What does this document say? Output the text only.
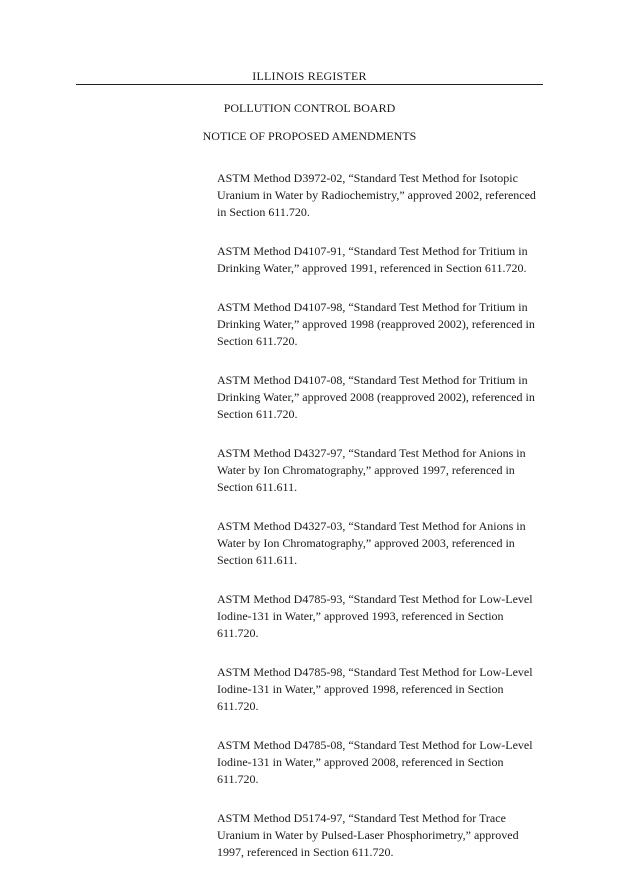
ILLINOIS REGISTER
POLLUTION CONTROL BOARD
NOTICE OF PROPOSED AMENDMENTS
ASTM Method D3972-02, “Standard Test Method for Isotopic Uranium in Water by Radiochemistry,” approved 2002, referenced in Section 611.720.
ASTM Method D4107-91, “Standard Test Method for Tritium in Drinking Water,” approved 1991, referenced in Section 611.720.
ASTM Method D4107-98, “Standard Test Method for Tritium in Drinking Water,” approved 1998 (reapproved 2002), referenced in Section 611.720.
ASTM Method D4107-08, “Standard Test Method for Tritium in Drinking Water,” approved 2008 (reapproved 2002), referenced in Section 611.720.
ASTM Method D4327-97, “Standard Test Method for Anions in Water by Ion Chromatography,” approved 1997, referenced in Section 611.611.
ASTM Method D4327-03, “Standard Test Method for Anions in Water by Ion Chromatography,” approved 2003, referenced in Section 611.611.
ASTM Method D4785-93, “Standard Test Method for Low-Level Iodine-131 in Water,” approved 1993, referenced in Section 611.720.
ASTM Method D4785-98, “Standard Test Method for Low-Level Iodine-131 in Water,” approved 1998, referenced in Section 611.720.
ASTM Method D4785-08, “Standard Test Method for Low-Level Iodine-131 in Water,” approved 2008, referenced in Section 611.720.
ASTM Method D5174-97, “Standard Test Method for Trace Uranium in Water by Pulsed-Laser Phosphorimetry,” approved 1997, referenced in Section 611.720.
